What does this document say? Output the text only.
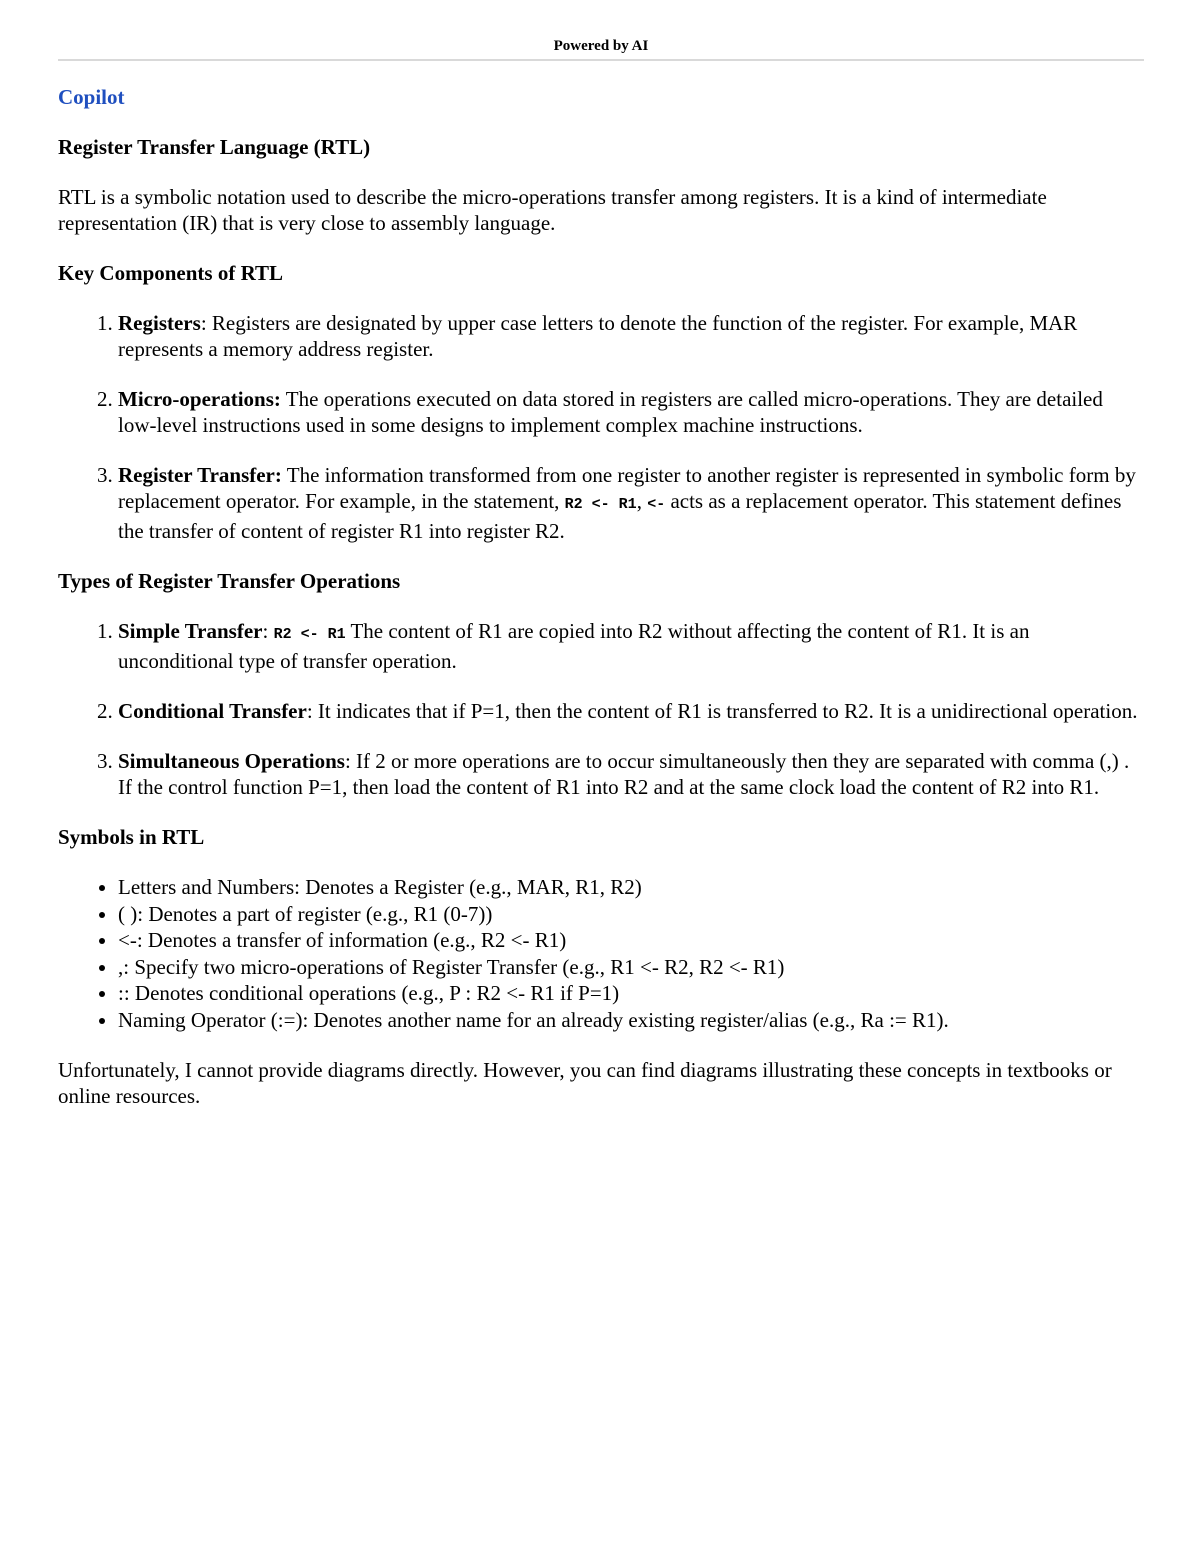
Powered by AI
Copilot

Register Transfer Language (RTL)

RTL is a symbolic notation used to describe the micro-operations transfer among registers. It is a kind of intermediate representation (IR) that is very close to assembly language.

Key Components of RTL

1. Registers: Registers are designated by upper case letters to denote the function of the register. For example, MAR represents a memory address register.
2. Micro-operations: The operations executed on data stored in registers are called micro-operations. They are detailed low-level instructions used in some designs to implement complex machine instructions.
3. Register Transfer: The information transformed from one register to another register is represented in symbolic form by replacement operator. For example, in the statement, R2 <- R1, <- acts as a replacement operator. This statement defines the transfer of content of register R1 into register R2.

Types of Register Transfer Operations

1. Simple Transfer: R2 <- R1 The content of R1 are copied into R2 without affecting the content of R1. It is an unconditional type of transfer operation.
2. Conditional Transfer: It indicates that if P=1, then the content of R1 is transferred to R2. It is a unidirectional operation.
3. Simultaneous Operations: If 2 or more operations are to occur simultaneously then they are separated with comma (,) . If the control function P=1, then load the content of R1 into R2 and at the same clock load the content of R2 into R1.

Symbols in RTL

• Letters and Numbers: Denotes a Register (e.g., MAR, R1, R2)
• ( ): Denotes a part of register (e.g., R1 (0-7))
• <-: Denotes a transfer of information (e.g., R2 <- R1)
• ,: Specify two micro-operations of Register Transfer (e.g., R1 <- R2, R2 <- R1)
• :: Denotes conditional operations (e.g., P : R2 <- R1 if P=1)
• Naming Operator (:=): Denotes another name for an already existing register/alias (e.g., Ra := R1).

Unfortunately, I cannot provide diagrams directly. However, you can find diagrams illustrating these concepts in textbooks or online resources.
